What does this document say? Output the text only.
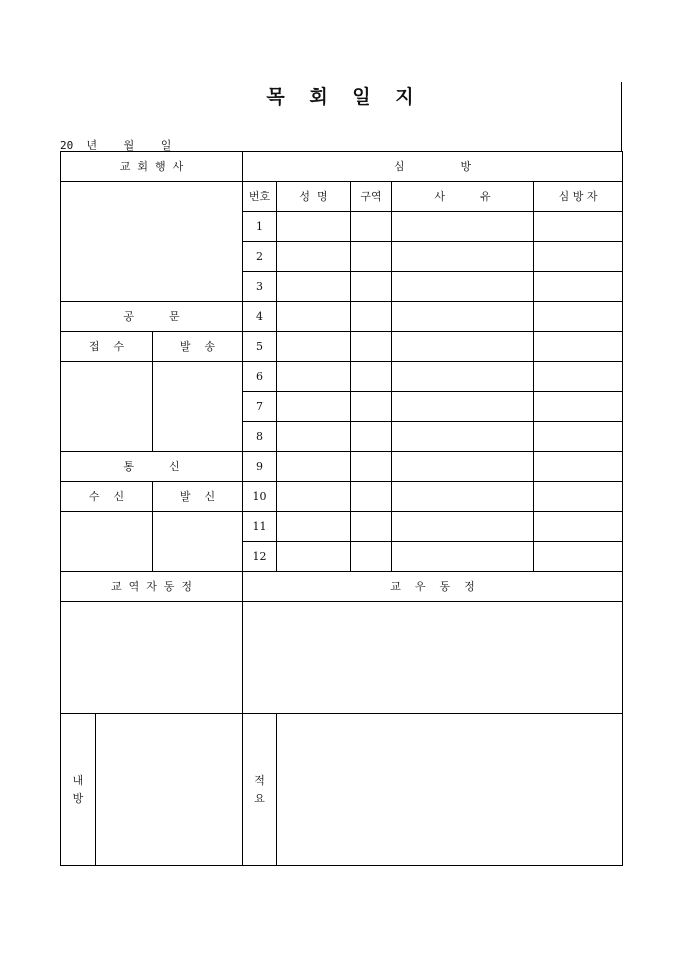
목 회 일 지
20  년    월    일
교  회  행  사			심                방				
			번호	성  명	구역	사          유	심 방 자
			1				
			2				
			3				
공          문			4				
접    수		발    송	5				
			6				
			7				
			8				
통          신			9				
수    신		발    신	10				
			11				
			12				
교  역  자  동  정			교    우    동    정				

내방			적요				
